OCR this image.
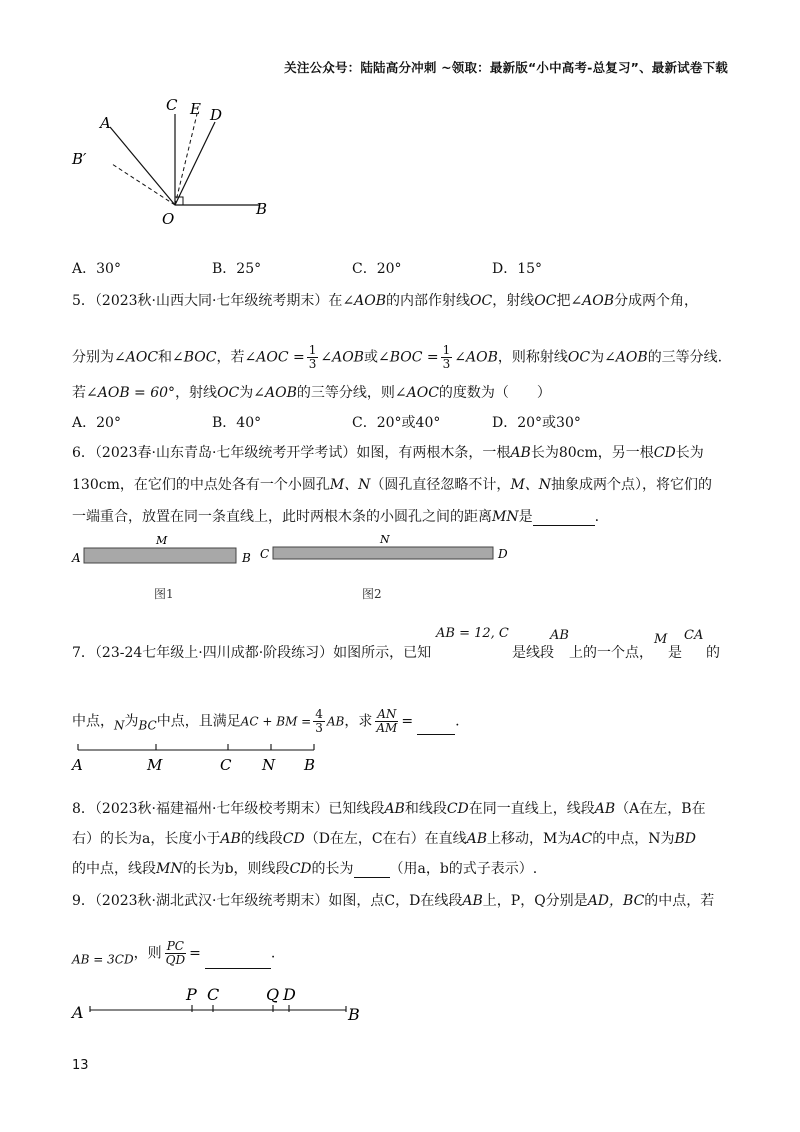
关注公众号：陆陆高分冲刺 ~领取：最新版“小中高考-总复习”、最新试卷下载
A
B
B′
C
D
E
O
A．30°	B．25°	C．20°	D．15°
5．（2023秋·山西大同·七年级统考期末）在∠AOB的内部作射线OC，射线OC把∠AOB分成两个角，
分别为∠AOC和∠BOC，若∠AOC = $\frac{1}{3}$ ∠AOB或∠BOC = $\frac{1}{3}$ ∠AOB，则称射线OC为∠AOB的三等分线.
若∠AOB = 60°，射线OC为∠AOB的三等分线，则∠AOC的度数为（　　）
A．20°	B．40°	C．20°或40°	D．20°或30°
6．（2023春·山东青岛·七年级统考开学考试）如图，有两根木条，一根AB长为80cm，另一根CD长为
130cm，在它们的中点处各有一个小圆孔M、N（圆孔直径忽略不计，M、N抽象成两个点），将它们的
一端重合，放置在同一条直线上，此时两根木条的小圆孔之间的距离MN是	.
A	B
M
C	D
N
图1	图2
7．（23-24七年级上·四川成都·阶段练习）如图所示，已知
AB = 12, C
是线段
AB
上的一个点，
M
是
CA
的
中点，N为BC中点，且满足AC + BM = $\frac{4}{3}$ AB，求 $\frac{AN}{AM}$ =	.
A	M	C N B
8．（2023秋·福建福州·七年级校考期末）已知线段AB和线段CD在同一直线上，线段AB（A在左，B在
右）的长为a，长度小于AB的线段CD（D在左，C在右）在直线AB上移动，M为AC的中点，N为BD
的中点，线段MN的长为b，则线段CD的长为	（用a，b的式子表示）.
9．（2023秋·湖北武汉·七年级统考期末）如图，点C，D在线段AB上，P，Q分别是AD，BC的中点，若
AB = 3CD，则 $\frac{PC}{QD}$ =	.
A
P C	Q D
B
13
